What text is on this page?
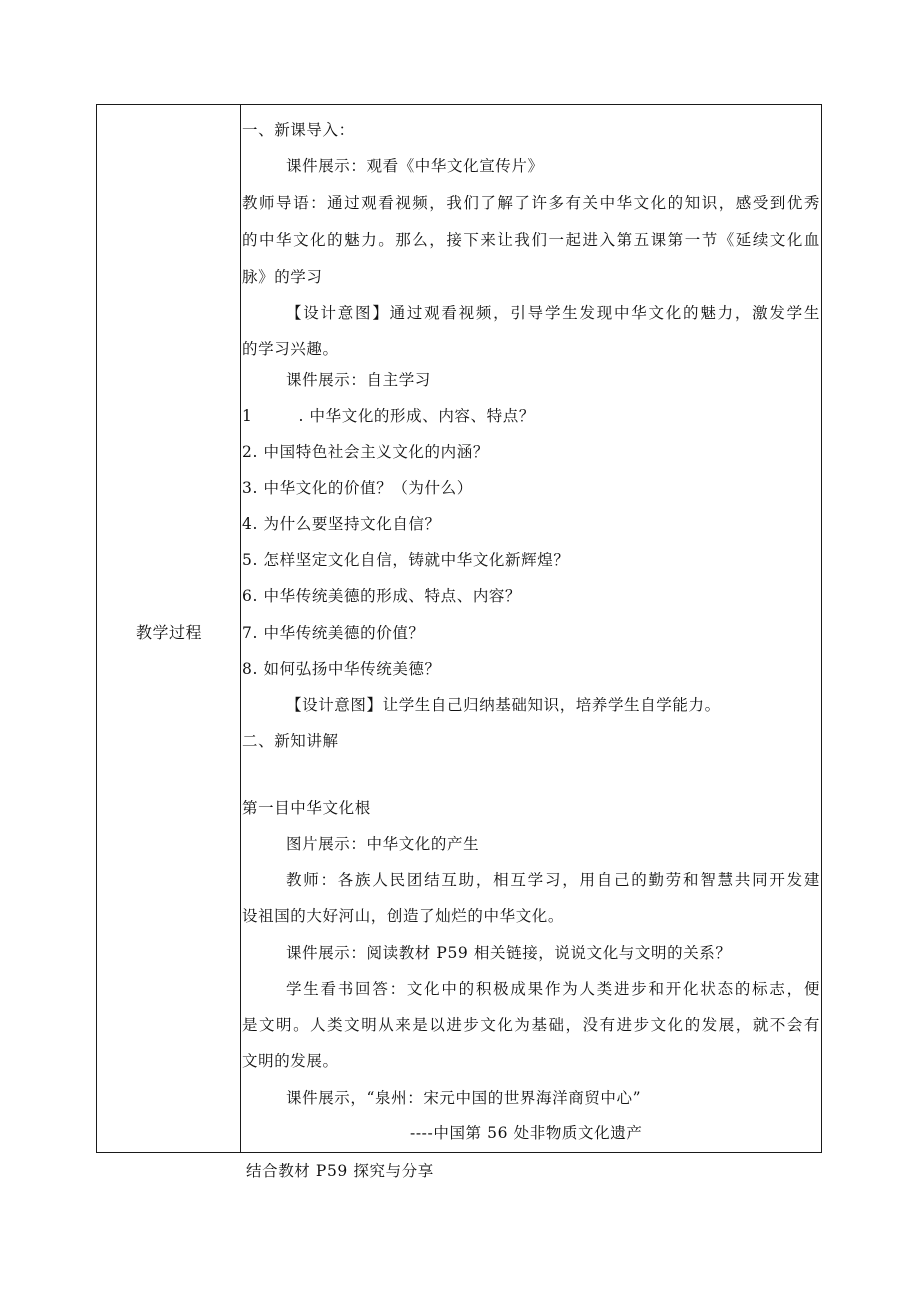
教学过程
一、新课导入：
课件展示：观看《中华文化宣传片》
教师导语：通过观看视频，我们了解了许多有关中华文化的知识，感受到优秀
的中华文化的魅力。那么，接下来让我们一起进入第五课第一节《延续文化血
脉》的学习
【设计意图】通过观看视频，引导学生发现中华文化的魅力，激发学生
的学习兴趣。
课件展示：自主学习
1	. 中华文化的形成、内容、特点？
2. 中国特色社会主义文化的内涵？
3. 中华文化的价值？（为什么）
4. 为什么要坚持文化自信？
5. 怎样坚定文化自信，铸就中华文化新辉煌？
6. 中华传统美德的形成、特点、内容？
7. 中华传统美德的价值？
8. 如何弘扬中华传统美德？
【设计意图】让学生自己归纳基础知识，培养学生自学能力。
二、新知讲解
第一目中华文化根
图片展示：中华文化的产生
教师：各族人民团结互助，相互学习，用自己的勤劳和智慧共同开发建
设祖国的大好河山，创造了灿烂的中华文化。
课件展示：阅读教材 P59 相关链接，说说文化与文明的关系？
学生看书回答：文化中的积极成果作为人类进步和开化状态的标志，便
是文明。人类文明从来是以进步文化为基础，没有进步文化的发展，就不会有
文明的发展。
课件展示，“泉州：宋元中国的世界海洋商贸中心”
----中国第 56 处非物质文化遗产
结合教材 P59 探究与分享
